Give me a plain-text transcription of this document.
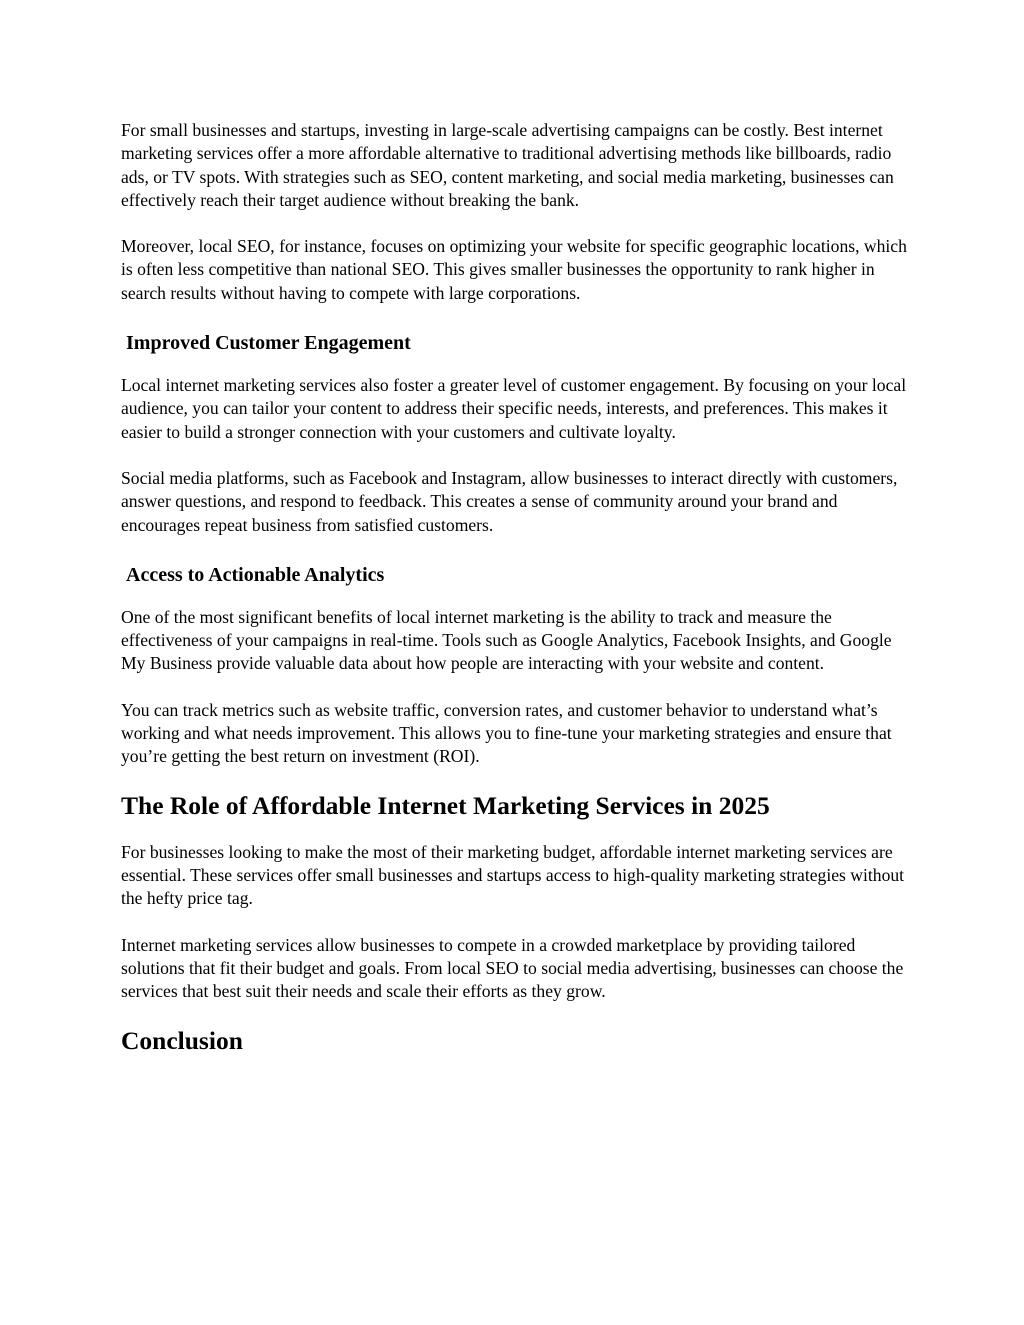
For small businesses and startups, investing in large-scale advertising campaigns can be costly. Best internet marketing services offer a more affordable alternative to traditional advertising methods like billboards, radio ads, or TV spots. With strategies such as SEO, content marketing, and social media marketing, businesses can effectively reach their target audience without breaking the bank.

Moreover, local SEO, for instance, focuses on optimizing your website for specific geographic locations, which is often less competitive than national SEO. This gives smaller businesses the opportunity to rank higher in search results without having to compete with large corporations.

Improved Customer Engagement

Local internet marketing services also foster a greater level of customer engagement. By focusing on your local audience, you can tailor your content to address their specific needs, interests, and preferences. This makes it easier to build a stronger connection with your customers and cultivate loyalty.

Social media platforms, such as Facebook and Instagram, allow businesses to interact directly with customers, answer questions, and respond to feedback. This creates a sense of community around your brand and encourages repeat business from satisfied customers.

Access to Actionable Analytics

One of the most significant benefits of local internet marketing is the ability to track and measure the effectiveness of your campaigns in real-time. Tools such as Google Analytics, Facebook Insights, and Google My Business provide valuable data about how people are interacting with your website and content.

You can track metrics such as website traffic, conversion rates, and customer behavior to understand what’s working and what needs improvement. This allows you to fine-tune your marketing strategies and ensure that you’re getting the best return on investment (ROI).

The Role of Affordable Internet Marketing Services in 2025

For businesses looking to make the most of their marketing budget, affordable internet marketing services are essential. These services offer small businesses and startups access to high-quality marketing strategies without the hefty price tag.

Internet marketing services allow businesses to compete in a crowded marketplace by providing tailored solutions that fit their budget and goals. From local SEO to social media advertising, businesses can choose the services that best suit their needs and scale their efforts as they grow.

Conclusion
